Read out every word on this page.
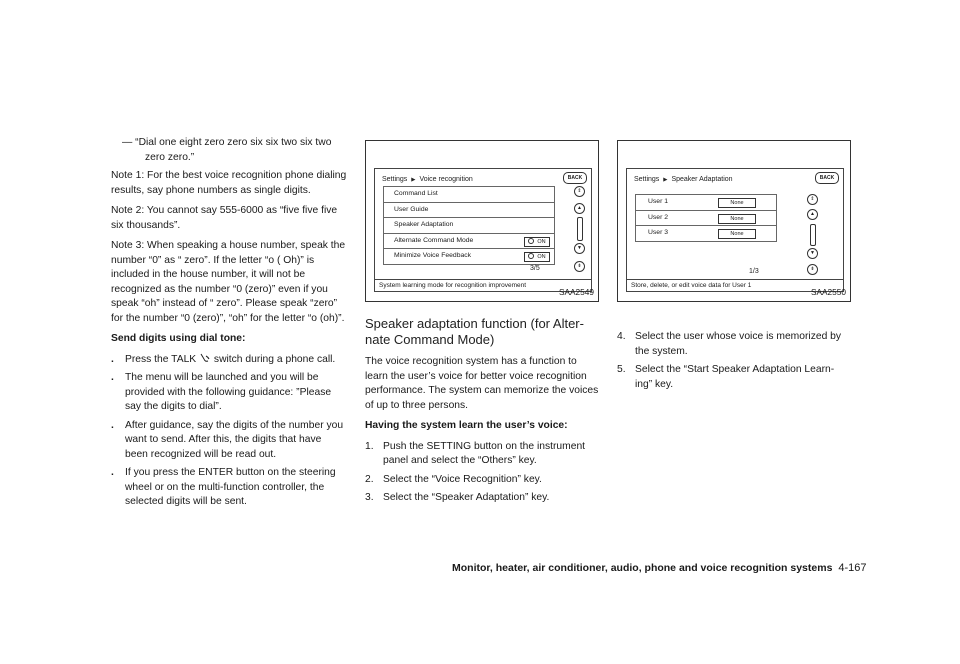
— “Dial one eight zero zero six six two six two zero zero.”

Note 1: For the best voice recognition phone dialing results, say phone numbers as single digits.

Note 2: You cannot say 555-6000 as “five five five six thousands”.

Note 3: When speaking a house number, speak the number “0” as “ zero”. If the letter “o ( Oh)” is included in the house number, it will not be recognized as the number “0 (zero)” even if you speak “oh” instead of “ zero”. Please speak “zero” for the number “0 (zero)”, “oh” for the letter “o (oh)”.

Send digits using dial tone:

.	Press the TALK switch during a phone call.
.	The menu will be launched and you will be provided with the following guidance: ”Please say the digits to dial”.
.	After guidance, say the digits of the number you want to send. After this, the digits that have been recognized will be read out.
.	If you press the ENTER button on the steering wheel or on the multi-function controller, the selected digits will be sent.
Settings ▶ Voice recognition	BACK
Command List
User Guide
Speaker Adaptation
Alternate Command Mode	ON
Minimize Voice Feedback	ON
3/5
⇕
▲
▼
⇟
System learning mode for recognition improvement
SAA2549
Speaker adaptation function (for Alter- nate Command Mode)

The voice recognition system has a function to learn the user’s voice for better voice recognition performance. The system can memorize the voices of up to three persons.

Having the system learn the user’s voice:

1. Push the SETTING button on the instrument panel and select the “Others” key.
2. Select the “Voice Recognition” key.
3. Select the “Speaker Adaptation” key.
Settings ▶ Speaker Adaptation	BACK
User 1	None
User 2	None
User 3	None
1/3
⇕
▲
▼
⇟
Store, delete, or edit voice data for User 1
SAA2550
4. Select the user whose voice is memorized by the system.
5. Select the “Start Speaker Adaptation Learn- ing” key.
Monitor, heater, air conditioner, audio, phone and voice recognition systems 4-167
